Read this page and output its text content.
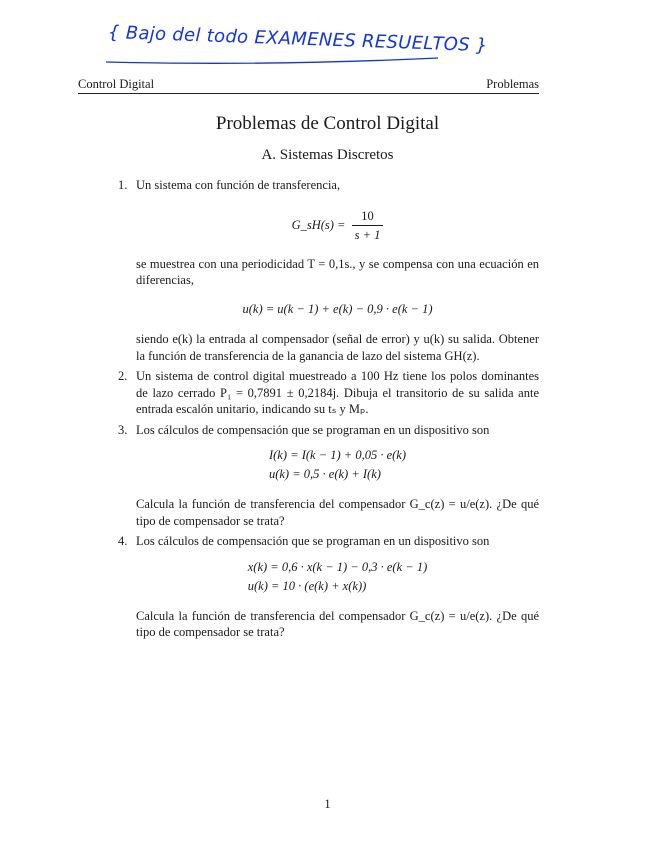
{ Bajo del todo EXAMENES RESUELTOS }
Control Digital	Problemas
Problemas de Control Digital
A. Sistemas Discretos
1. Un sistema con función de transferencia,
G_sH(s) = $\frac{10}{s + 1}$
se muestrea con una periodicidad T = 0,1s., y se compensa con una ecuación en diferencias,
u(k) = u(k − 1) + e(k) − 0,9 · e(k − 1)
siendo e(k) la entrada al compensador (señal de error) y u(k) su salida. Obtener la función de transferencia de la ganancia de lazo del sistema GH(z).
2. Un sistema de control digital muestreado a 100 Hz tiene los polos dominantes de lazo cerrado P₁ = 0,7891 ± 0,2184j. Dibuja el transitorio de su salida ante entrada escalón unitario, indicando su tₛ y Mₚ.
3. Los cálculos de compensación que se programan en un dispositivo son
I(k) = I(k − 1) + 0,05 · e(k)
u(k) = 0,5 · e(k) + I(k)
Calcula la función de transferencia del compensador G_c(z) = u/e(z). ¿De qué tipo de compensador se trata?
4. Los cálculos de compensación que se programan en un dispositivo son
x(k) = 0,6 · x(k − 1) − 0,3 · e(k − 1)
u(k) = 10 · (e(k) + x(k))
Calcula la función de transferencia del compensador G_c(z) = u/e(z). ¿De qué tipo de compensador se trata?
1
